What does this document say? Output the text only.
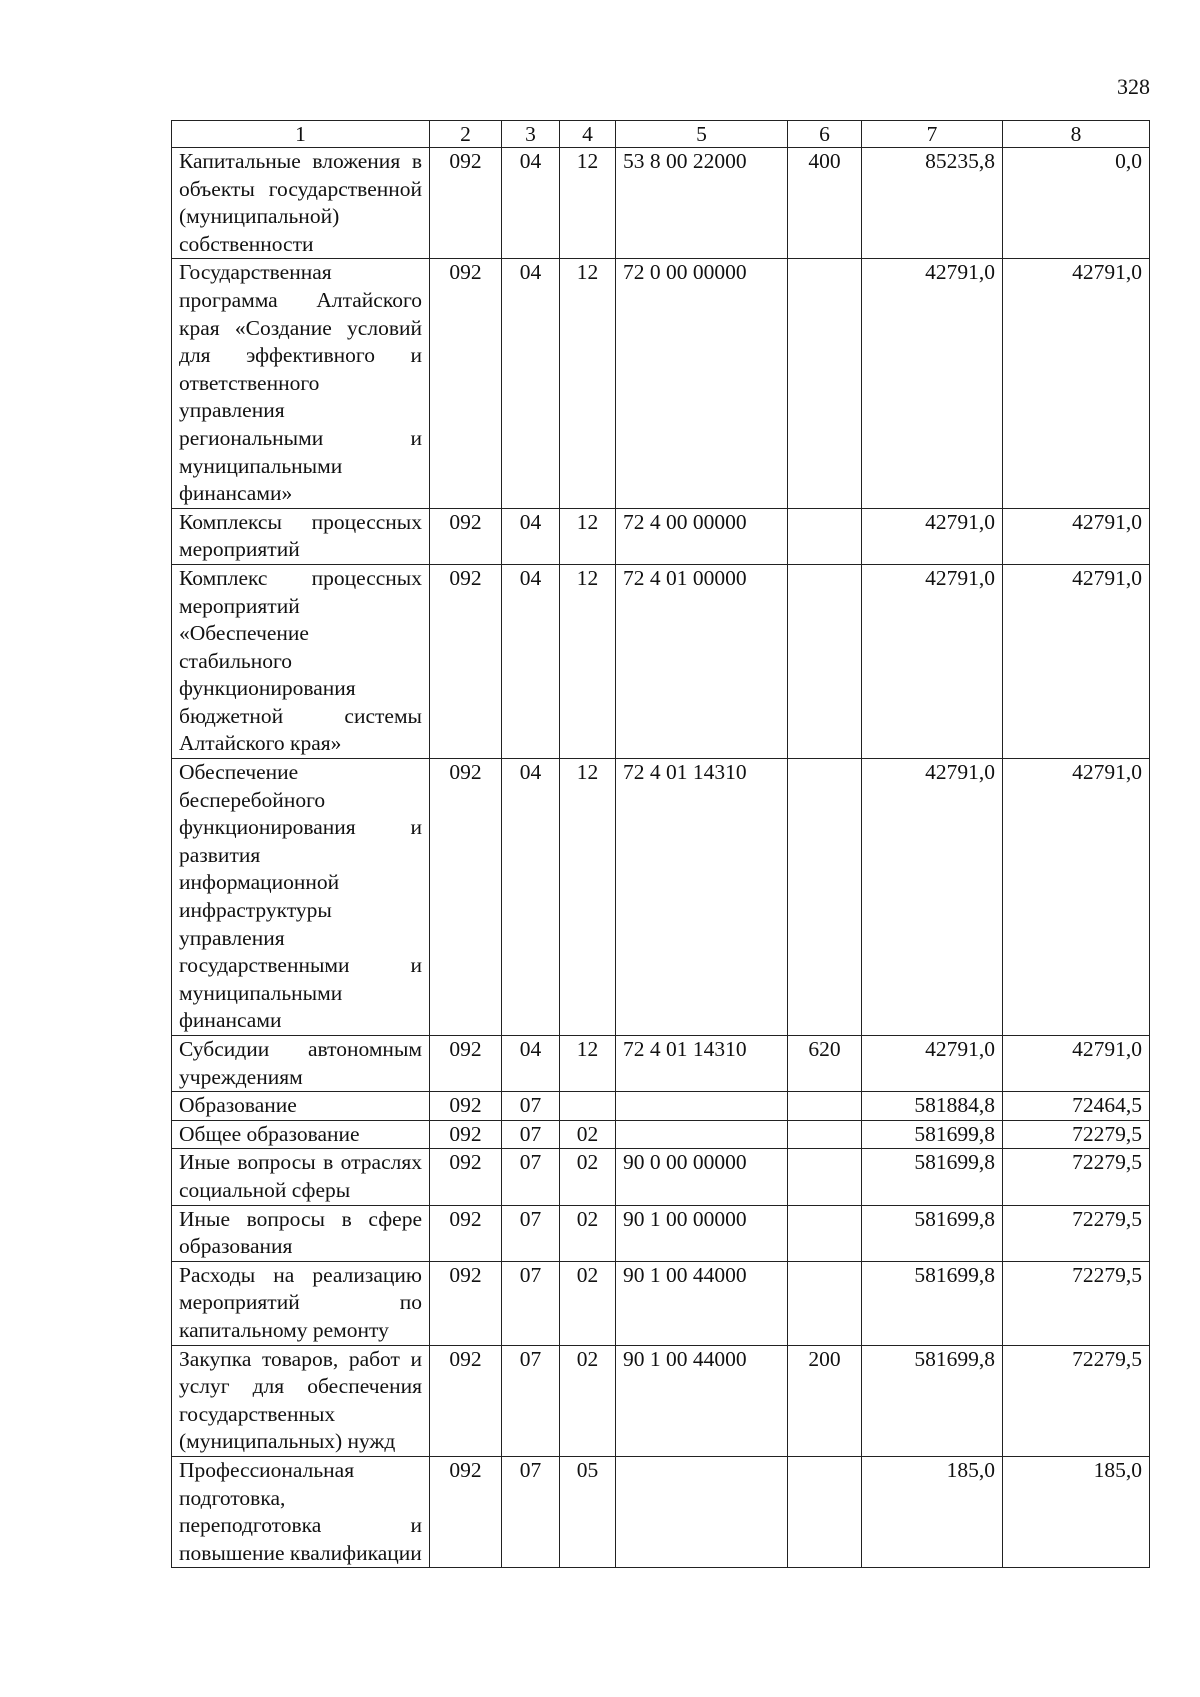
328
1	2	3	4	5	6	7	8
Капитальные вложения в объекты государственной (муниципальной) собственности	092	04	12	53 8 00 22000	400	85235,8	0,0
Государственная программа Алтайского края «Создание условий для эффективного и ответственного управления региональными и муниципальными финансами»	092	04	12	72 0 00 00000		42791,0	42791,0
Комплексы процессных мероприятий	092	04	12	72 4 00 00000		42791,0	42791,0
Комплекс процессных мероприятий «Обеспечение стабильного функционирования бюджетной системы Алтайского края»	092	04	12	72 4 01 00000		42791,0	42791,0
Обеспечение бесперебойного функционирования и развития информационной инфраструктуры управления государственными и муниципальными финансами	092	04	12	72 4 01 14310		42791,0	42791,0
Субсидии автономным учреждениям	092	04	12	72 4 01 14310	620	42791,0	42791,0
Образование	092	07				581884,8	72464,5
Общее образование	092	07	02			581699,8	72279,5
Иные вопросы в отраслях социальной сферы	092	07	02	90 0 00 00000		581699,8	72279,5
Иные вопросы в сфере образования	092	07	02	90 1 00 00000		581699,8	72279,5
Расходы на реализацию мероприятий по капитальному ремонту	092	07	02	90 1 00 44000		581699,8	72279,5
Закупка товаров, работ и услуг для обеспечения государственных (муниципальных) нужд	092	07	02	90 1 00 44000	200	581699,8	72279,5
Профессиональная подготовка, переподготовка и повышение квалификации	092	07	05			185,0	185,0
